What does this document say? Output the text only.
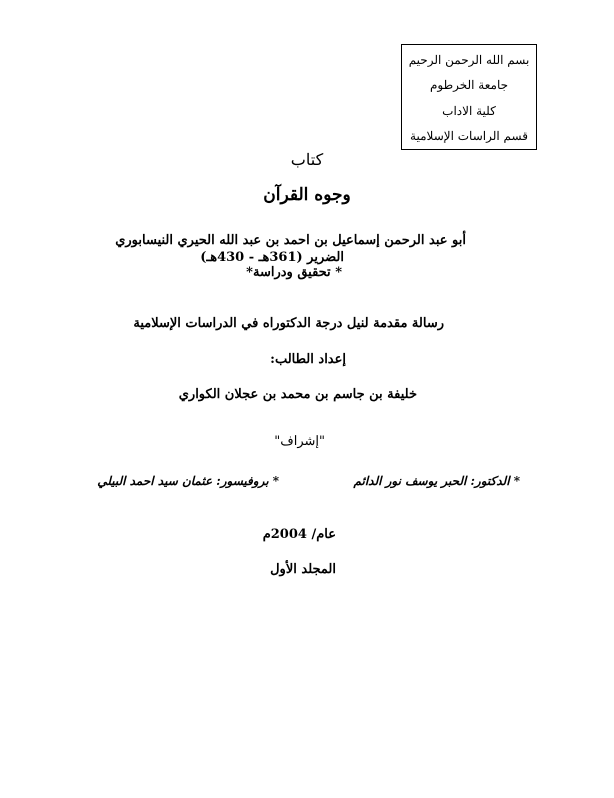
بسم الله الرحمن الرحيم
جامعة الخرطوم
كلية الاداب
قسم الراسات الإسلامية
كتاب
وجوه القرآن
أبو عبد الرحمن إسماعيل بن احمد بن عبد الله الحيري النيسابوري
الضرير (361هـ - 430هـ)
* تحقيق ودراسة*
رسالة مقدمة لنيل درجة الدكتوراه في الدراسات الإسلامية
إعداد الطالب:
خليفة بن جاسم بن محمد بن عجلان الكواري
"إشراف"
* الدكتور: الحبر يوسف نور الدائم
* بروفيسور: عثمان سيد احمد البيلي
عام/ 2004م
المجلد الأول
